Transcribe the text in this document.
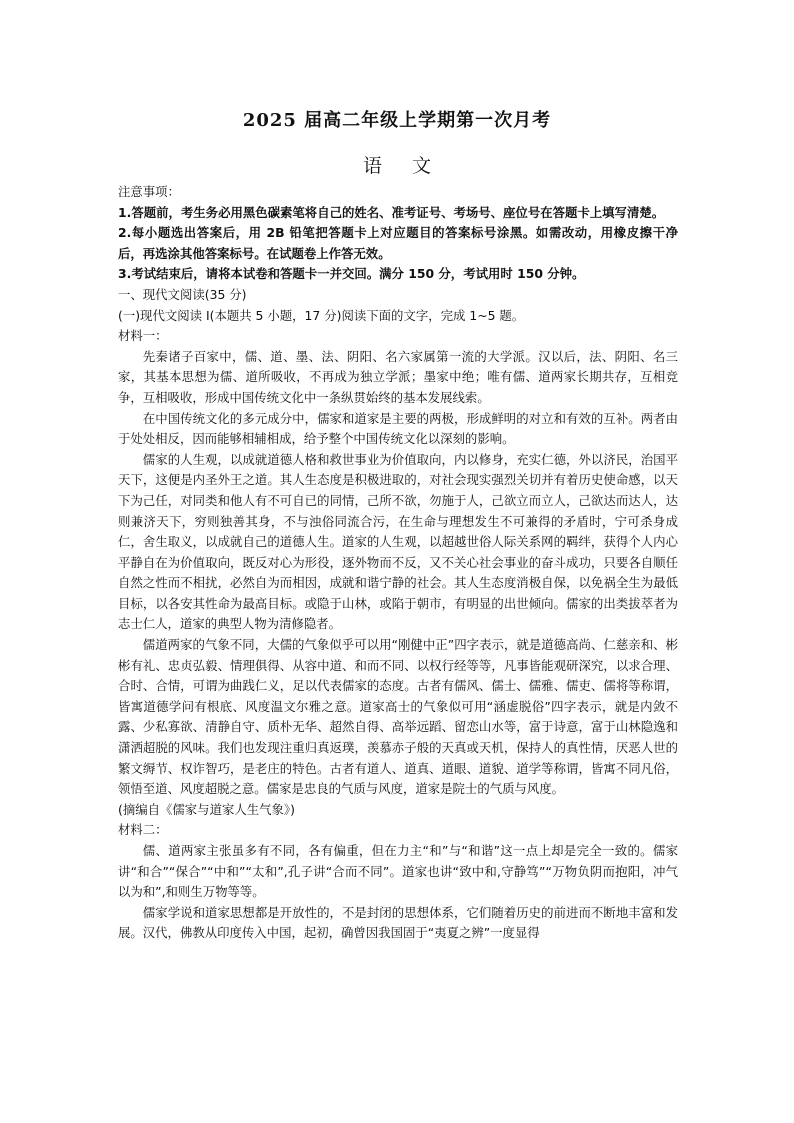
2025 届高二年级上学期第一次月考
语 文

注意事项：

1.答题前，考生务必用黑色碳素笔将自己的姓名、准考证号、考场号、座位号在答题卡上填写清楚。

2.每小题选出答案后，用 2B 铅笔把答题卡上对应题目的答案标号涂黑。如需改动，用橡皮擦干净后，再选涂其他答案标号。在试题卷上作答无效。

3.考试结束后，请将本试卷和答题卡一并交回。满分 150 分，考试用时 150 分钟。

一、现代文阅读(35 分)

(一)现代文阅读 I(本题共 5 小题，17 分)阅读下面的文字，完成 1~5 题。

材料一：

先秦诸子百家中，儒、道、墨、法、阴阳、名六家属第一流的大学派。汉以后，法、阴阳、名三家，其基本思想为儒、道所吸收，不再成为独立学派；墨家中绝；唯有儒、道两家长期共存，互相竞争，互相吸收，形成中国传统文化中一条纵贯始终的基本发展线索。

在中国传统文化的多元成分中，儒家和道家是主要的两极，形成鲜明的对立和有效的互补。两者由于处处相反，因而能够相辅相成，给予整个中国传统文化以深刻的影响。

儒家的人生观，以成就道德人格和救世事业为价值取向，内以修身，充实仁德，外以济民，治国平天下，这便是内圣外王之道。其人生态度是积极进取的，对社会现实强烈关切并有着历史使命感，以天下为己任，对同类和他人有不可自已的同情，己所不欲，勿施于人，己欲立而立人，己欲达而达人，达则兼济天下，穷则独善其身，不与浊俗同流合污，在生命与理想发生不可兼得的矛盾时，宁可杀身成仁，舍生取义，以成就自己的道德人生。道家的人生观，以超越世俗人际关系网的羁绊，获得个人内心平静自在为价值取向，既反对心为形役，逐外物而不反，又不关心社会事业的奋斗成功，只要各自顺任自然之性而不相扰，必然自为而相因，成就和谐宁静的社会。其人生态度消极自保，以免祸全生为最低目标，以各安其性命为最高目标。或隐于山林，或陷于朝市，有明显的出世倾向。儒家的出类拔萃者为志士仁人，道家的典型人物为清修隐者。

儒道两家的气象不同，大儒的气象似乎可以用“刚健中正”四字表示，就是道德高尚、仁慈亲和、彬彬有礼、忠贞弘毅、情理俱得、从容中道、和而不同、以权行经等等，凡事皆能观研深究，以求合理、合时、合情，可谓为曲践仁义，足以代表儒家的态度。古者有儒风、儒士、儒雅、儒吏、儒将等称谓，皆寓道德学问有根底、风度温文尔雅之意。道家高士的气象似可用“涵虚脱俗”四字表示，就是内敛不露、少私寡欲、清静自守、质朴无华、超然自得、高举远蹈、留恋山水等，富于诗意，富于山林隐逸和潇洒超脱的风味。我们也发现注重归真返璞，羡慕赤子般的天真或天机，保持人的真性情，厌恶人世的繁文缛节、权诈智巧，是老庄的特色。古者有道人、道真、道眼、道貌、道学等称谓，皆寓不同凡俗，领悟至道、风度超脱之意。儒家是忠良的气质与风度，道家是院士的气质与风度。

(摘编自《儒家与道家人生气象》)

材料二：

儒、道两家主张虽多有不同，各有偏重，但在力主“和”与“和谐”这一点上却是完全一致的。儒家讲“和合”“保合”“中和”“太和”,孔子讲“合而不同”。道家也讲“致中和,守静笃”“万物负阴而抱阳，冲气以为和”,和则生万物等等。

儒家学说和道家思想都是开放性的，不是封闭的思想体系，它们随着历史的前进而不断地丰富和发展。汉代，佛教从印度传入中国，起初，确曾因我国固于“夷夏之辨”一度显得
